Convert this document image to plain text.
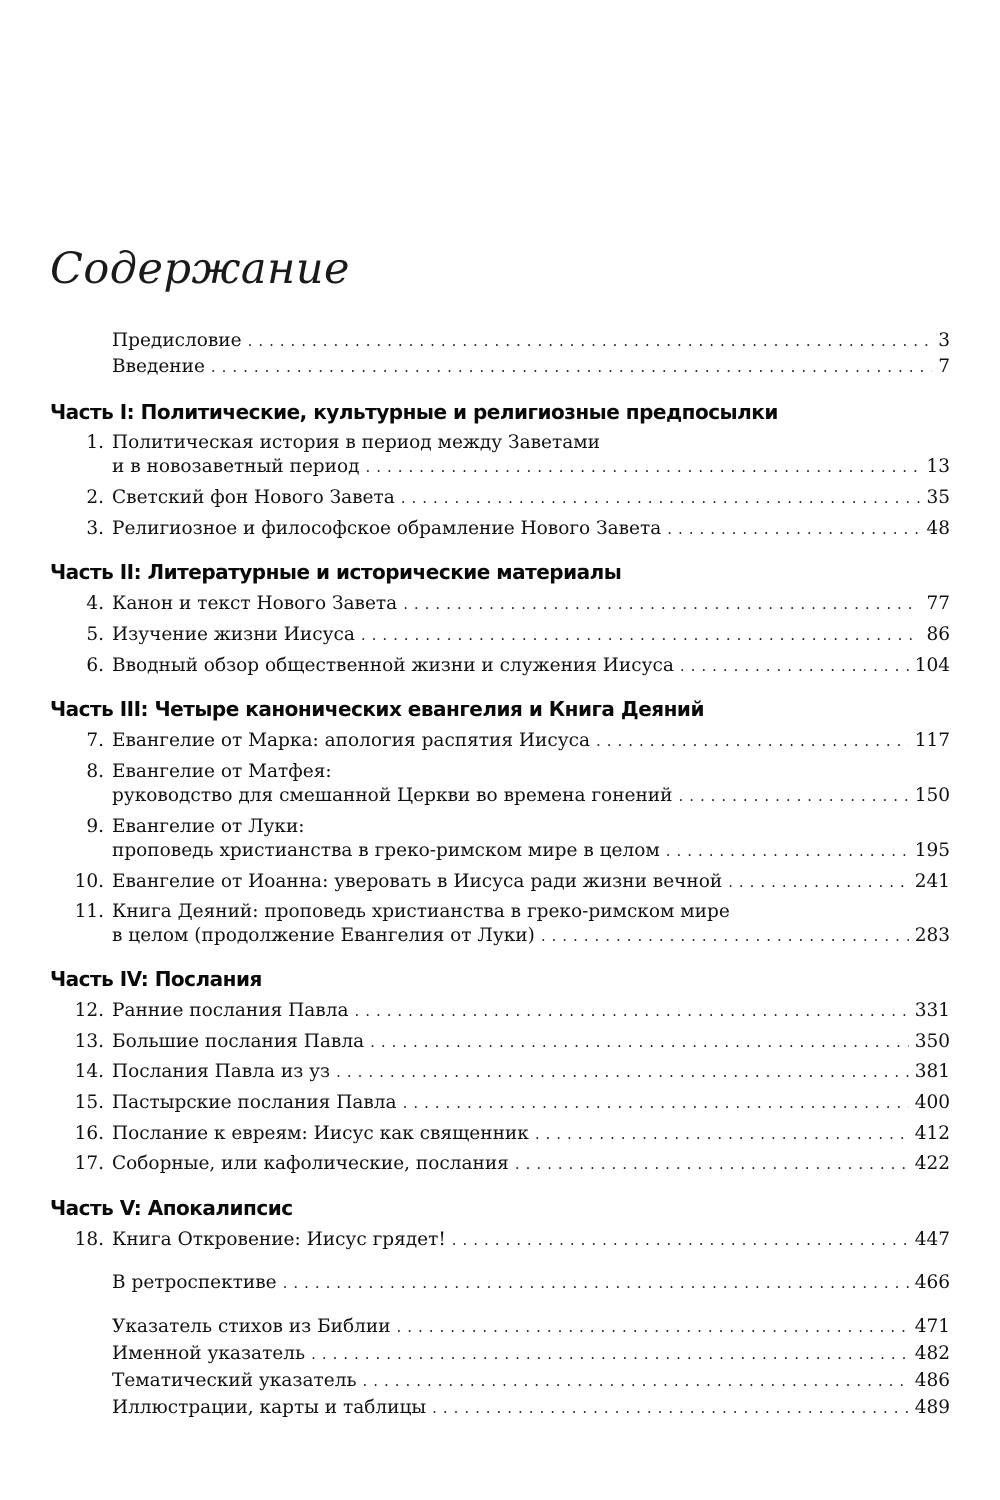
Содержание
Предисловие . . .	3
Введение . . .	7
Часть I: Политические, культурные и религиозные предпосылки
1. Политическая история в период между Заветами
и в новозаветный период . . .	13
2. Светский фон Нового Завета . . .	35
3. Религиозное и философское обрамление Нового Завета . . .	48
Часть II: Литературные и исторические материалы
4. Канон и текст Нового Завета . . .	77
5. Изучение жизни Иисуса . . .	86
6. Вводный обзор общественной жизни и служения Иисуса . . .	104
Часть III: Четыре канонических евангелия и Книга Деяний
7. Евангелие от Марка: апология распятия Иисуса . . .	117
8. Евангелие от Матфея:
руководство для смешанной Церкви во времена гонений . . .	150
9. Евангелие от Луки:
проповедь христианства в греко-римском мире в целом . . .	195
10. Евангелие от Иоанна: уверовать в Иисуса ради жизни вечной . . .	241
11. Книга Деяний: проповедь христианства в греко-римском мире
в целом (продолжение Евангелия от Луки) . . .	283
Часть IV: Послания
12. Ранние послания Павла . . .	331
13. Большие послания Павла . . .	350
14. Послания Павла из уз . . .	381
15. Пастырские послания Павла . . .	400
16. Послание к евреям: Иисус как священник . . .	412
17. Соборные, или кафолические, послания . . .	422
Часть V: Апокалипсис
18. Книга Откровение: Иисус грядет! . . .	447
В ретроспективе . . .	466
Указатель стихов из Библии . . .	471
Именной указатель . . .	482
Тематический указатель . . .	486
Иллюстрации, карты и таблицы . . .	489
